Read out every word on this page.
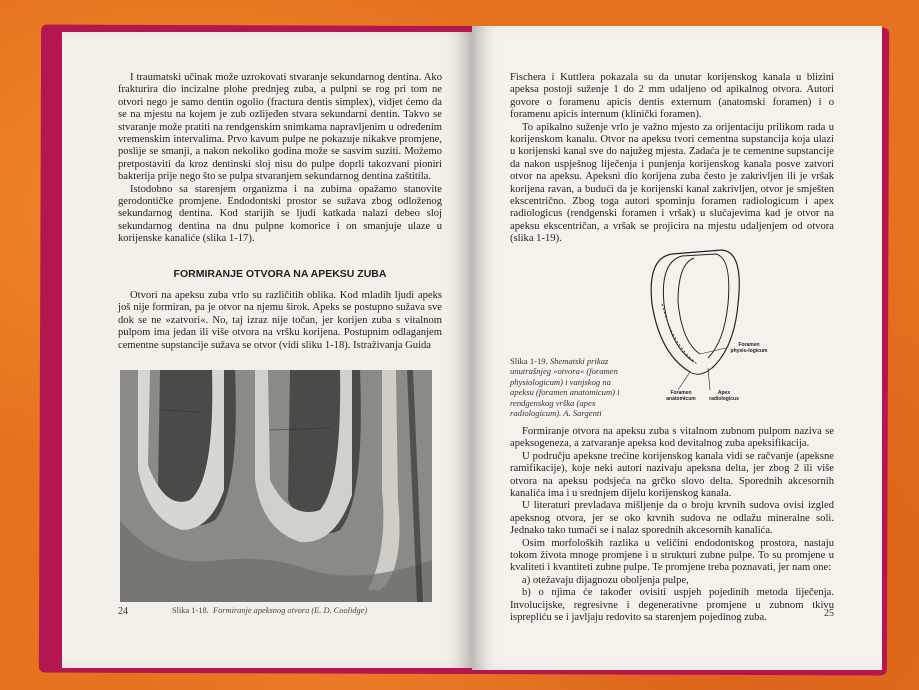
I traumatski učinak može uzrokovati stvaranje sekundarnog dentina. Ako frakturira dio incizalne plohe prednjeg zuba, a pulpni se rog pri tom ne otvori nego je samo dentin ogolio (fractura dentis simplex), vidjet ćemo da se na mjestu na kojem je zub ozlijeđen stvara sekundarni dentin. Takvo se stvaranje može pratiti na rendgenskim snimkama napravljenim u određenim vremenskim intervalima. Prvo kavum pulpe ne pokazuje nikakve promjene, poslije se smanji, a nakon nekoliko godina može se sasvim suziti. Možemo pretpostaviti da kroz dentinski sloj nisu do pulpe doprli takozvani pioniri bakterija prije nego što se pulpa stvaranjem sekundarnog dentina zaštitila.

Istodobno sa starenjem organizma i na zubima opažamo stanovite gerodontičke promjene. Endodontski prostor se sužava zbog odloženog sekundarnog dentina. Kod starijih se ljudi katkada nalazi debeo sloj sekundarnog dentina na dnu pulpne komorice i on smanjuje ulaze u korijenske kanaliće (slika 1-17).

FORMIRANJE OTVORA NA APEKSU ZUBA

Otvori na apeksu zuba vrlo su različitih oblika. Kod mladih ljudi apeks još nije formiran, pa je otvor na njemu širok. Apeks se postupno sužava sve dok se ne »zatvori«. No, taj izraz nije točan, jer korijen zuba s vitalnom pulpom ima jedan ili više otvora na vršku korijena. Postupnim odlaganjem cementne supstancije sužava se otvor (vidi sliku 1-18). Istraživanja Guida

Slika 1-18. Formiranje apeksnog otvora (E. D. Coolidge)
24

Fischera i Kuttlera pokazala su da unutar korijenskog kanala u blizini apeksa postoji suženje 1 do 2 mm udaljeno od apikalnog otvora. Autori govore o foramenu apicis dentis externum (anatomski foramen) i o foramenu apicis internum (klinički foramen).

To apikalno suženje vrlo je važno mjesto za orijentaciju prilikom rada u korijenskom kanalu. Otvor na apeksu tvori cementna supstancija koja ulazi u korijenski kanal sve do najužeg mjesta. Zadaća je te cementne supstancije da nakon uspješnog liječenja i punjenja korijenskog kanala posve zatvori otvor na apeksu. Apeksni dio korijena zuba često je zakrivljen ili je vršak korijena ravan, a budući da je korijenski kanal zakrivljen, otvor je smješten ekscentrično. Zbog toga autori spominju foramen radiologicum i apex radiologicus (rendgenski foramen i vršak) u slučajevima kad je otvor na apeksu ekscentričan, a vršak se projicira na mjestu udaljenjem od otvora (slika 1-19).

Foramen physio-logicum
Foramen anatomicum
Apex radiologicus
Slika 1-19. Shematski prikaz unutrašnjeg »otvora« (foramen physiologicum) i vanjskog na apeksu (foramen anatomicum) i rendgenskog vrška (apex radiologicum). A. Sargenti

Formiranje otvora na apeksu zuba s vitalnom zubnom pulpom naziva se apeksogeneza, a zatvaranje apeksa kod devitalnog zuba apeksifikacija.

U području apeksne trećine korijenskog kanala vidi se račvanje (apeksne ramifikacije), koje neki autori nazivaju apeksna delta, jer zbog 2 ili više otvora na apeksu podsjeća na grčko slovo delta. Sporednih akcesornih kanalića ima i u srednjem dijelu korijenskog kanala.

U literaturi prevladava mišljenje da o broju krvnih sudova ovisi izgled apeksnog otvora, jer se oko krvnih sudova ne odlažu mineralne soli. Jednako tako tumači se i nalaz sporednih akcesornih kanalića.

Osim morfoloških razlika u veličini endodontskog prostora, nastaju tokom života mnoge promjene i u strukturi zubne pulpe. To su promjene u kvaliteti i kvantiteti zubne pulpe. Te promjene treba poznavati, jer nam one:

a) otežavaju dijagnozu oboljenja pulpe,

b) o njima će također ovisiti uspjeh pojedinih metoda liječenja. Involucijske, regresivne i degenerativne promjene u zubnom tkivu isprepliću se i javljaju redovito sa starenjem pojedinog zuba.	25
